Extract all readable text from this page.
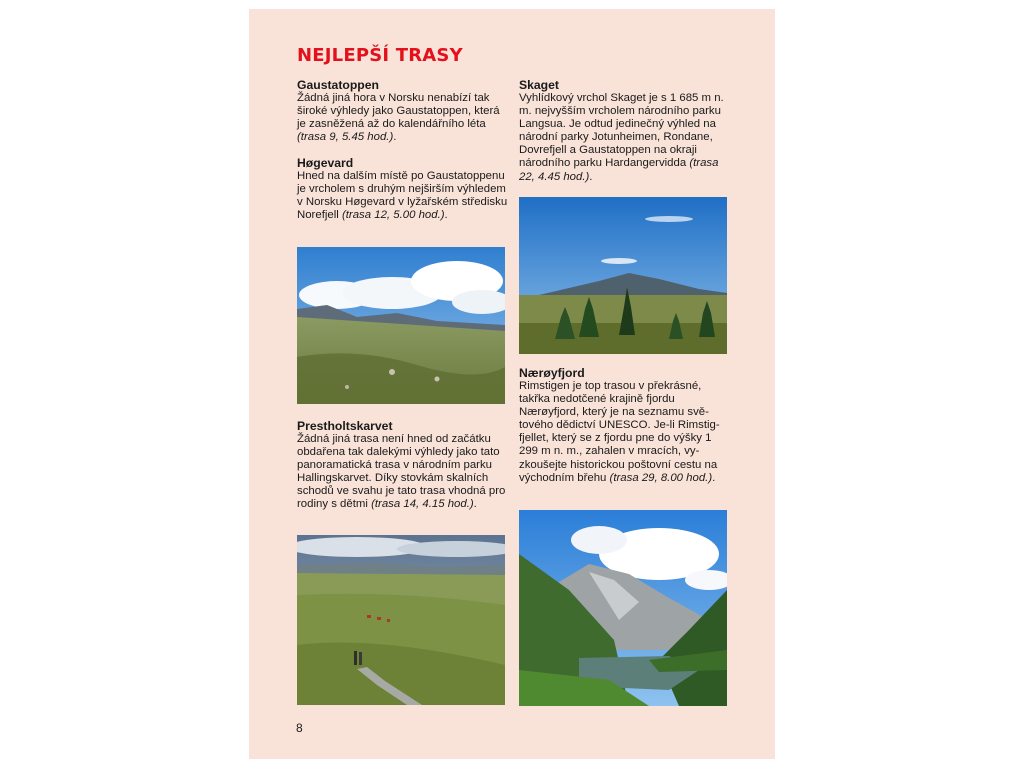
NEJLEPŠÍ TRASY
Gaustatoppen

Žádná jiná hora v Norsku nenabízí tak široké výhledy jako Gaustatoppen, která je zasněžená až do kalendářního léta (trasa 9, 5.45 hod.).

Høgevard

Hned na dalším místě po Gaustatoppenu je vrcholem s druhým nejširším výhledem v Norsku Høgevard v lyžařském středisku Norefjell (trasa 12, 5.00 hod.).

Prestholtskarvet

Žádná jiná trasa není hned od začátku obdařena tak dalekými výhledy jako tato panoramatická trasa v národním parku Hallingskarvet. Díky stovkám skalních schodů ve svahu je tato trasa vhodná pro rodiny s dětmi (trasa 14, 4.15 hod.).

Skaget

Vyhlídkový vrchol Skaget je s 1 685 m n. m. nejvyšším vrcholem národního parku Langsua. Je odtud jedinečný výhled na národní parky Jotunheimen, Rondane, Dovrefjell a Gaustatoppen na okraji národního parku Hardangervidda (trasa 22, 4.45 hod.).

Nærøyfjord

Rimstigen je top trasou v překrásné, takřka nedotčené krajině fjordu Nærøyfjord, který je na seznamu světového dědictví UNESCO. Je-li Rimstigfjellet, který se z fjordu pne do výšky 1 299 m n. m., zahalen v mracích, vyzkoušejte historickou poštovní cestu na východním břehu (trasa 29, 8.00 hod.).

8
